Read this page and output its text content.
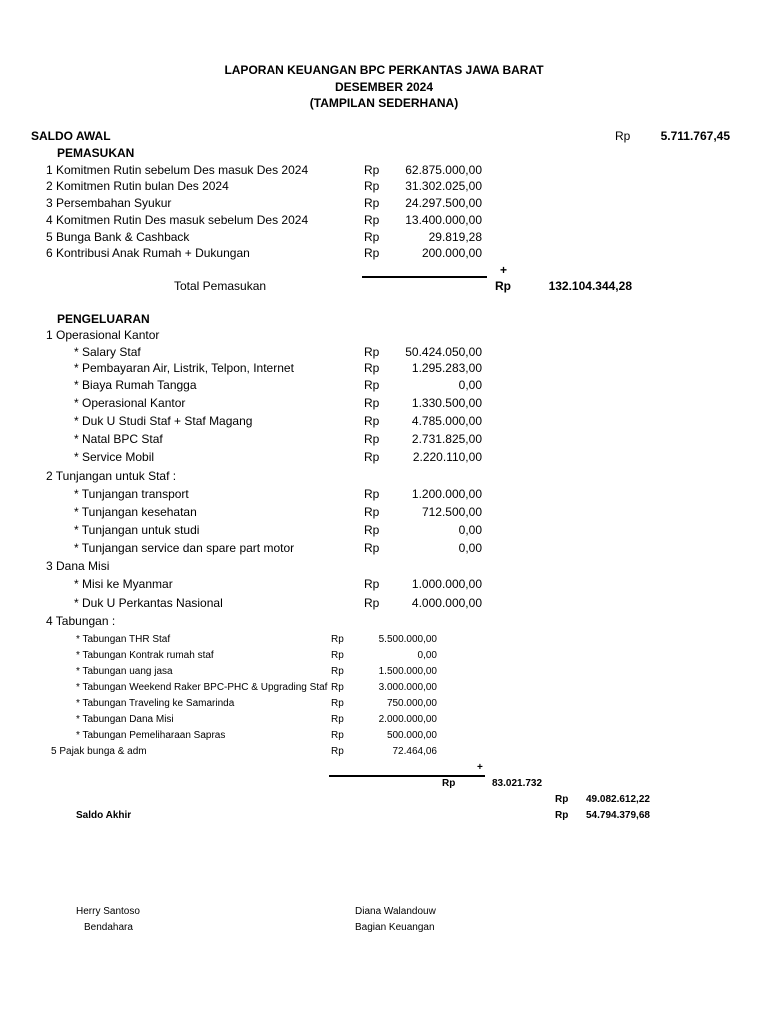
LAPORAN KEUANGAN BPC PERKANTAS JAWA BARAT
DESEMBER 2024
(TAMPILAN SEDERHANA)
SALDO AWAL	Rp	5.711.767,45
PEMASUKAN
1 Komitmen Rutin sebelum Des masuk Des 2024	Rp	62.875.000,00
2 Komitmen Rutin bulan Des 2024	Rp	31.302.025,00
3 Persembahan Syukur	Rp	24.297.500,00
4 Komitmen Rutin Des masuk sebelum Des 2024	Rp	13.400.000,00
5 Bunga Bank & Cashback	Rp	29.819,28
6 Kontribusi Anak Rumah + Dukungan	Rp	200.000,00
+
Total Pemasukan	Rp	132.104.344,28
PENGELUARAN
1 Operasional Kantor
* Salary Staf	Rp	50.424.050,00
* Pembayaran Air, Listrik, Telpon, Internet	Rp	1.295.283,00
* Biaya Rumah Tangga	Rp	0,00
* Operasional Kantor	Rp	1.330.500,00
* Duk U Studi Staf + Staf Magang	Rp	4.785.000,00
* Natal BPC Staf	Rp	2.731.825,00
* Service Mobil	Rp	2.220.110,00
2 Tunjangan untuk Staf :
* Tunjangan transport	Rp	1.200.000,00
* Tunjangan kesehatan	Rp	712.500,00
* Tunjangan untuk studi	Rp	0,00
* Tunjangan service dan spare part motor	Rp	0,00
3 Dana Misi
* Misi ke Myanmar	Rp	1.000.000,00
* Duk U Perkantas Nasional	Rp	4.000.000,00
4 Tabungan :
* Tabungan THR Staf	Rp	5.500.000,00
* Tabungan Kontrak rumah staf	Rp	0,00
* Tabungan uang jasa	Rp	1.500.000,00
* Tabungan Weekend Raker BPC-PHC & Upgrading Staf Rp	3.000.000,00
* Tabungan Traveling ke Samarinda	Rp	750.000,00
* Tabungan Dana Misi	Rp	2.000.000,00
* Tabungan Pemeliharaan Sapras	Rp	500.000,00
5 Pajak bunga & adm	Rp	72.464,06
+
Rp	83.021.732
Rp 49.082.612,22
Saldo Akhir	Rp 54.794.379,68
Herry Santoso
Bendahara
Diana Walandouw
Bagian Keuangan
